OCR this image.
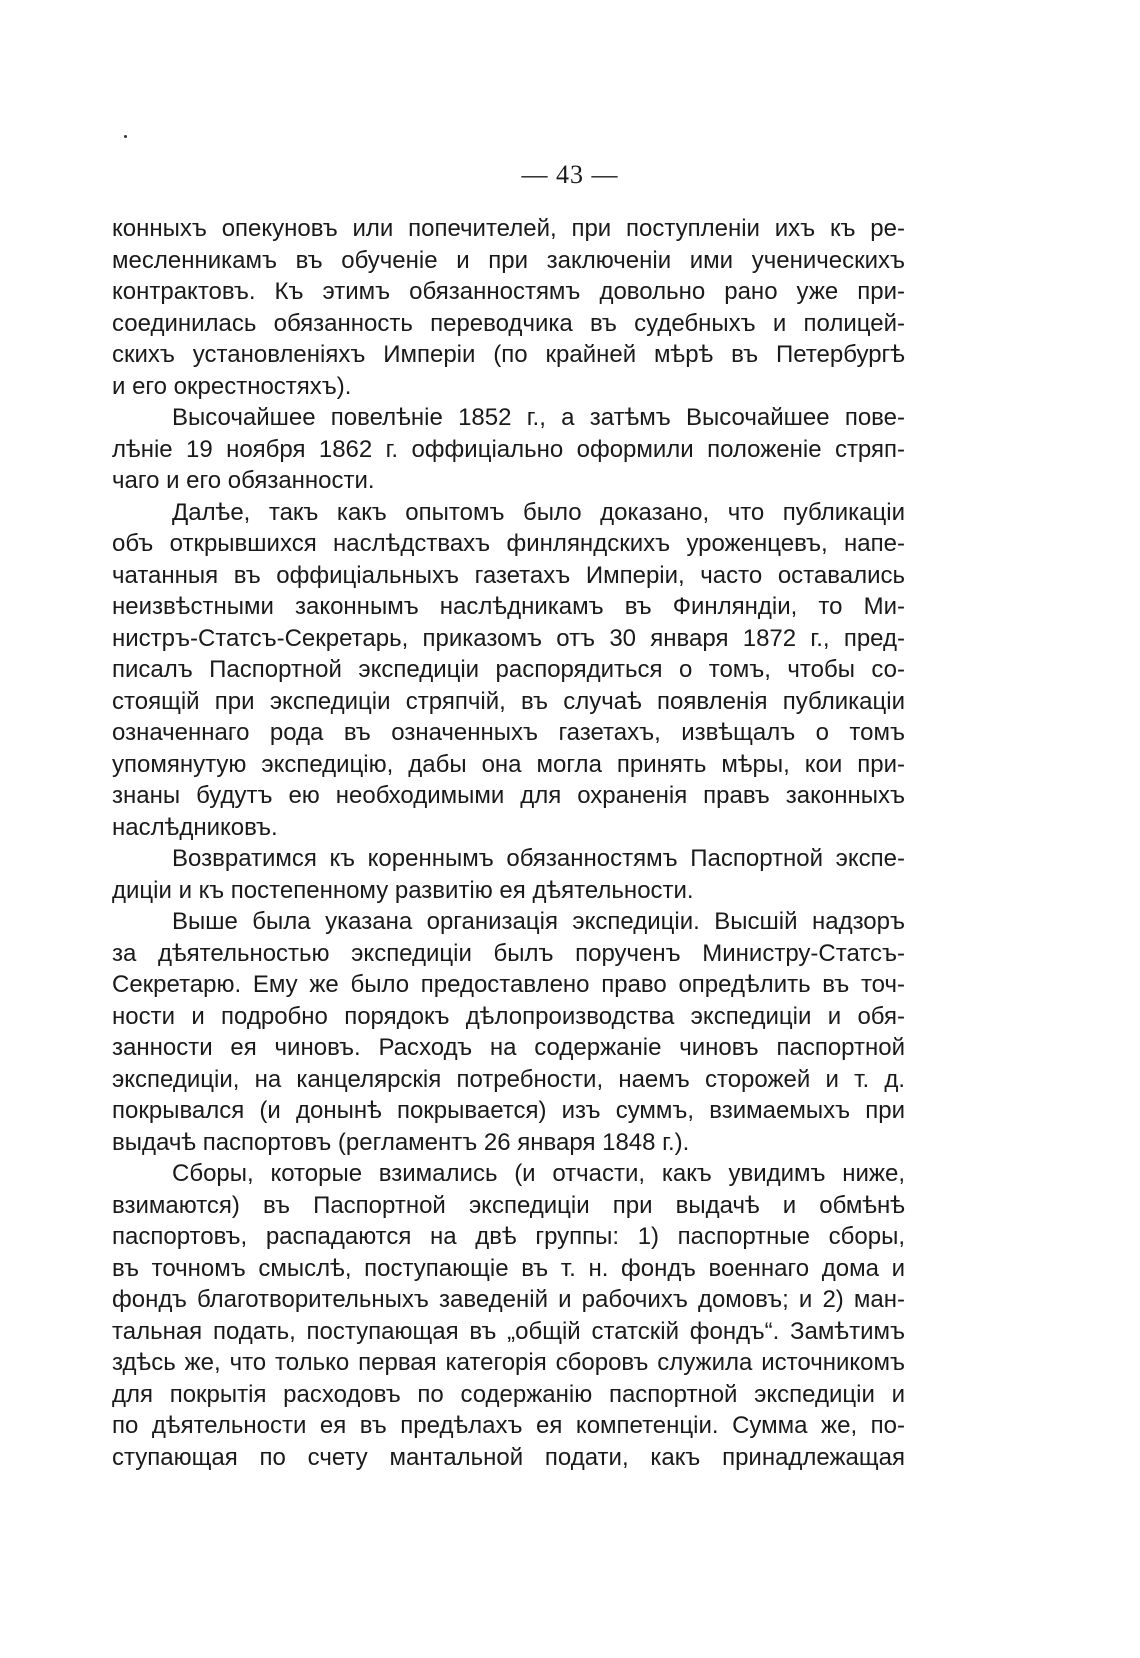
— 43 —
конныхъ опекуновъ или попечителей, при поступленіи ихъ къ ре-
месленникамъ въ обученіе и при заключеніи ими ученическихъ
контрактовъ. Къ этимъ обязанностямъ довольно рано уже при-
соединилась обязанность переводчика въ судебныхъ и полицей-
скихъ установленіяхъ Имперіи (по крайней мѣрѣ въ Петербургѣ
и его окрестностяхъ).
Высочайшее повелѣніе 1852 г., а затѣмъ Высочайшее пове-
лѣніе 19 ноября 1862 г. оффиціально оформили положеніе стряп-
чаго и его обязанности.
Далѣе, такъ какъ опытомъ было доказано, что публикаціи
объ открывшихся наслѣдствахъ финляндскихъ уроженцевъ, напе-
чатанныя въ оффиціальныхъ газетахъ Имперіи, часто оставались
неизвѣстными законнымъ наслѣдникамъ въ Финляндіи, то Ми-
нистръ-Статсъ-Секретарь, приказомъ отъ 30 января 1872 г., пред-
писалъ Паспортной экспедиціи распорядиться о томъ, чтобы со-
стоящій при экспедиціи стряпчій, въ случаѣ появленія публикаціи
означеннаго рода въ означенныхъ газетахъ, извѣщалъ о томъ
упомянутую экспедицію, дабы она могла принять мѣры, кои при-
знаны будутъ ею необходимыми для охраненія правъ законныхъ
наслѣдниковъ.
Возвратимся къ кореннымъ обязанностямъ Паспортной экспе-
диціи и къ постепенному развитію ея дѣятельности.
Выше была указана организація экспедиціи. Высшій надзоръ
за дѣятельностью экспедиціи былъ порученъ Министру-Статсъ-
Секретарю. Ему же было предоставлено право опредѣлить въ точ-
ности и подробно порядокъ дѣлопроизводства экспедиціи и обя-
занности ея чиновъ. Расходъ на содержаніе чиновъ паспортной
экспедиціи, на канцелярскія потребности, наемъ сторожей и т. д.
покрывался (и донынѣ покрывается) изъ суммъ, взимаемыхъ при
выдачѣ паспортовъ (регламентъ 26 января 1848 г.).
Сборы, которые взимались (и отчасти, какъ увидимъ ниже,
взимаются) въ Паспортной экспедиціи при выдачѣ и обмѣнѣ
паспортовъ, распадаются на двѣ группы: 1) паспортные сборы,
въ точномъ смыслѣ, поступающіе въ т. н. фондъ военнаго дома и
фондъ благотворительныхъ заведеній и рабочихъ домовъ; и 2) ман-
тальная подать, поступающая въ „общій статскій фондъ“. Замѣтимъ
здѣсь же, что только первая категорія сборовъ служила источникомъ
для покрытія расходовъ по содержанію паспортной экспедиціи и
по дѣятельности ея въ предѣлахъ ея компетенціи. Сумма же, по-
ступающая по счету мантальной подати, какъ принадлежащая
